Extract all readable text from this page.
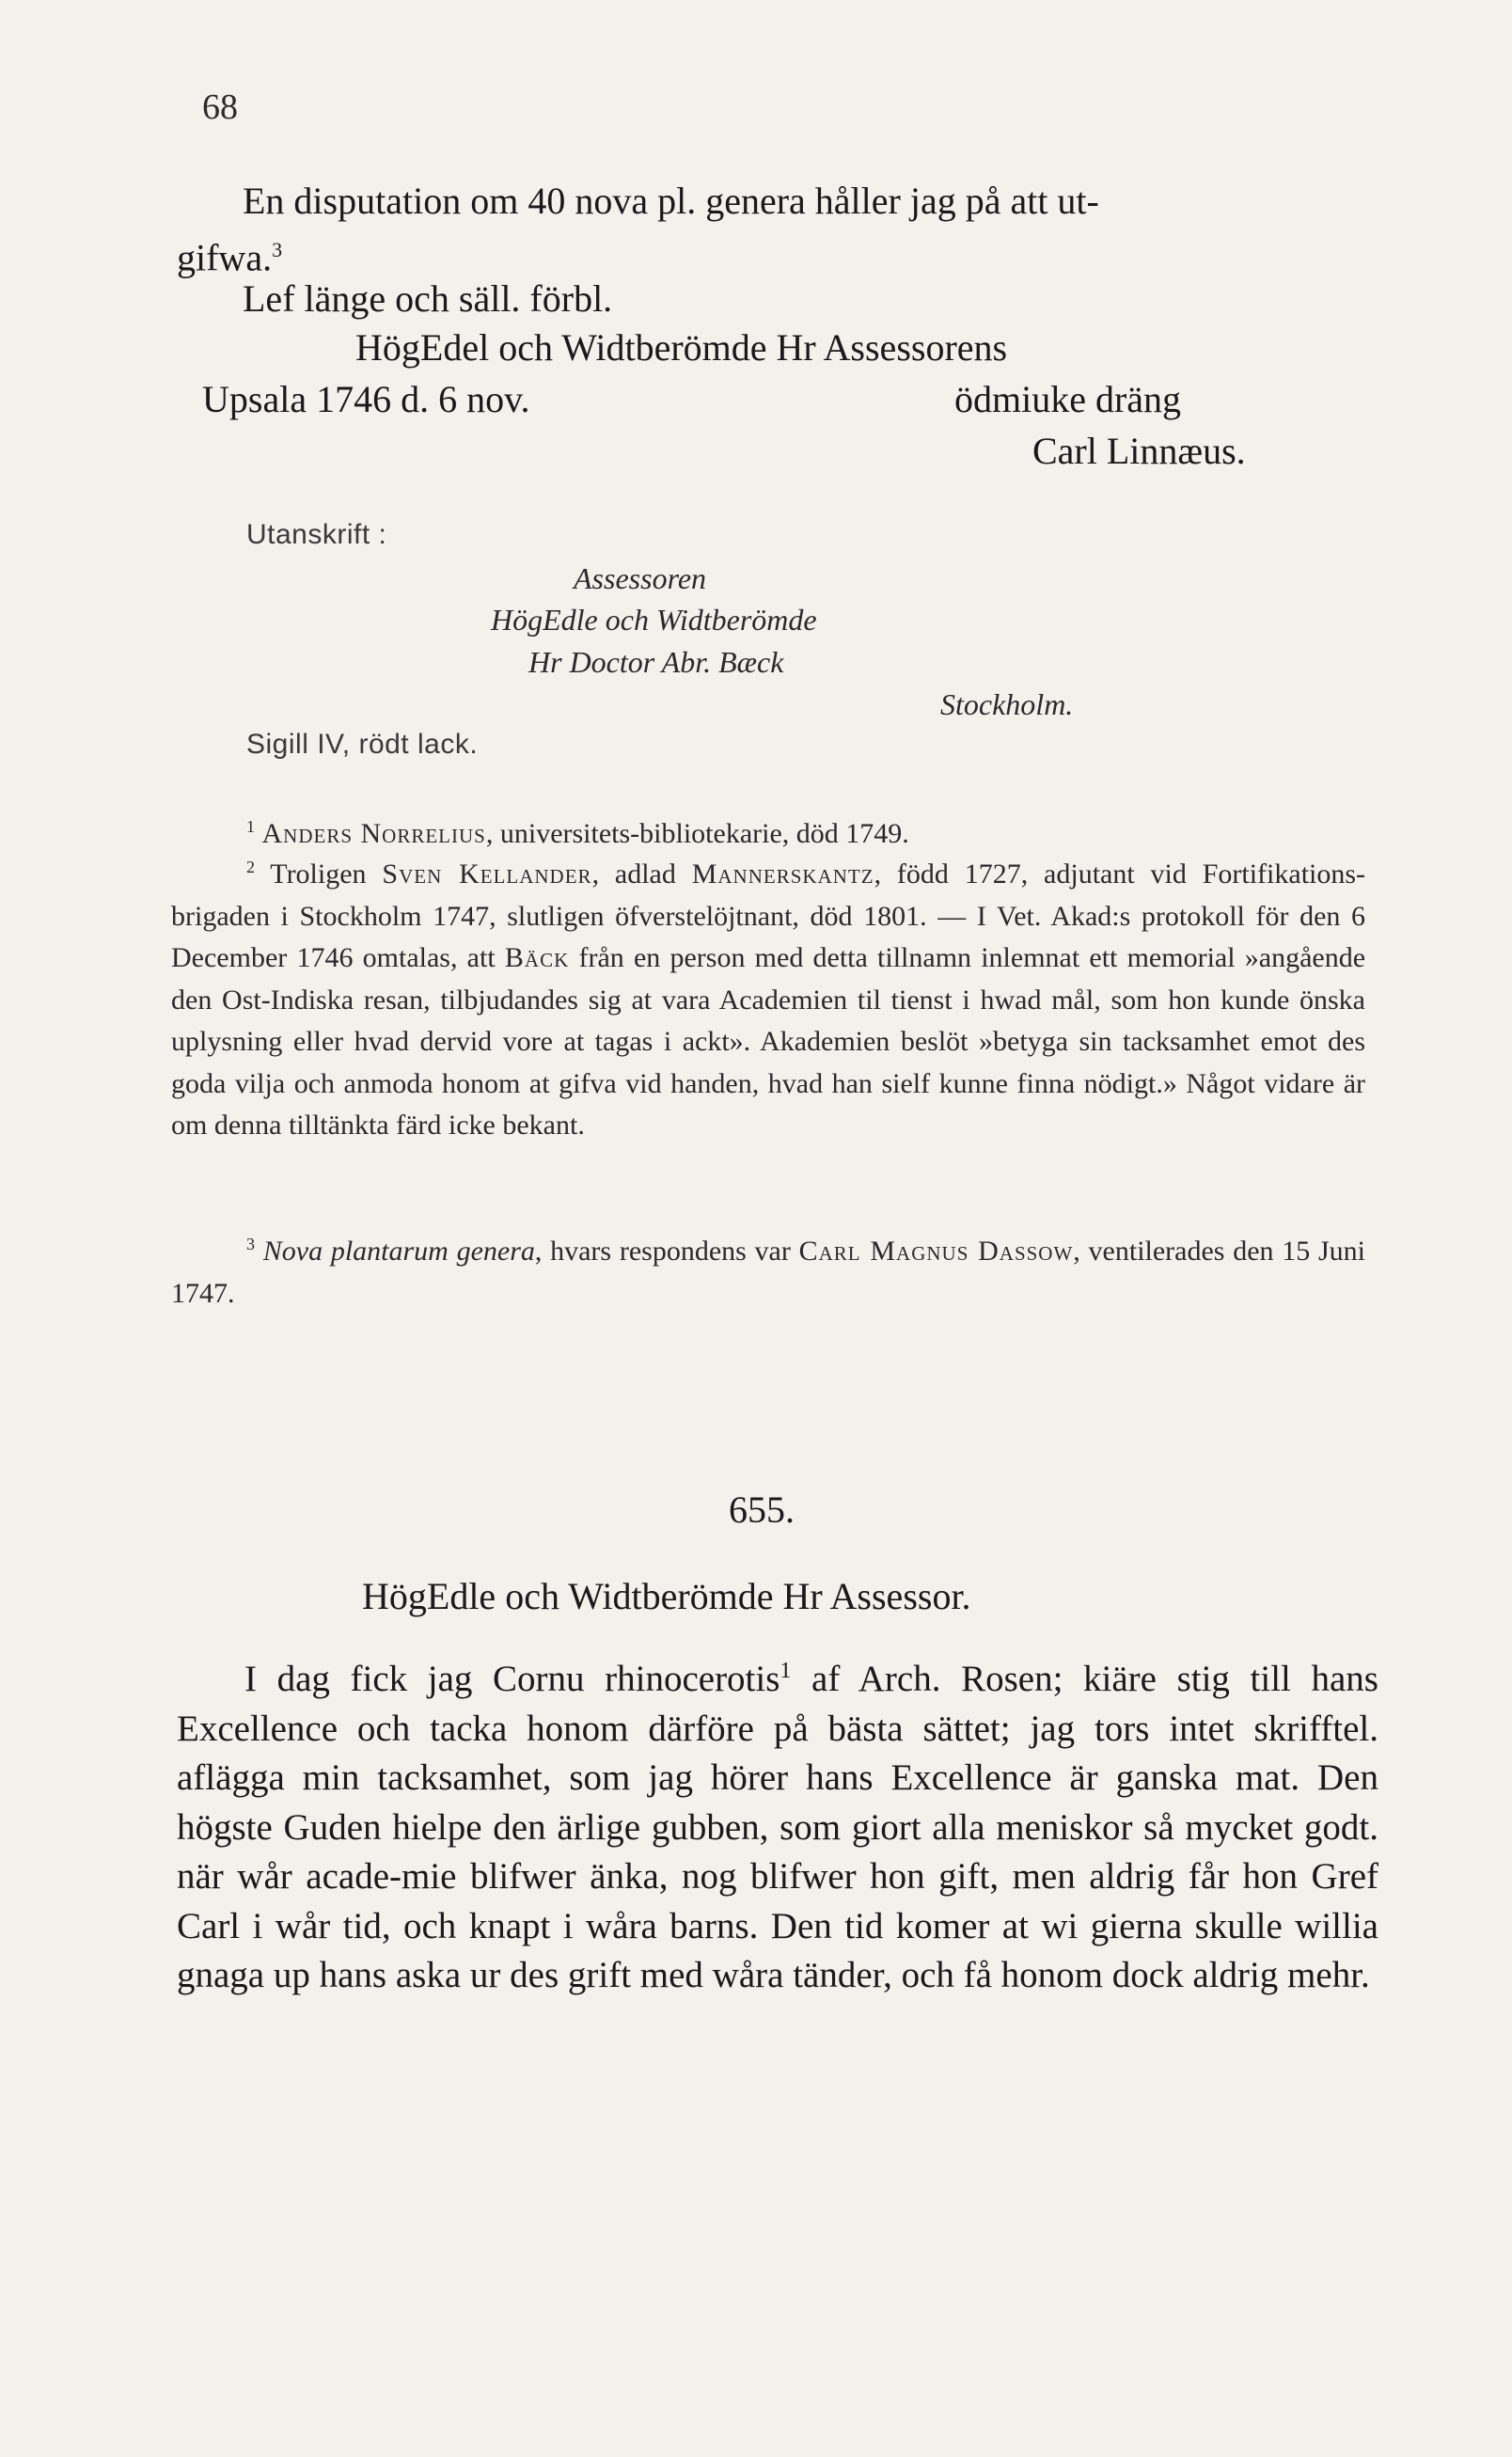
68
En disputation om 40 nova pl. genera håller jag på att ut-
gifwa.$^3$
Lef länge och säll. förbl.
HögEdel och Widtberömde Hr Assessorens
Upsala 1746 d. 6 nov.	ödmiuke dräng
Carl Linnæus.
Utanskrift :
Assessoren
HögEdle och Widtberömde
Hr Doctor Abr. Bæck
Stockholm.
Sigill IV, rödt lack.
$^1$ Anders Norrelius, universitets-bibliotekarie, död 1749.

$^2$ Troligen Sven Kellander, adlad Mannerskantz, född 1727, adjutant vid Fortifikations-brigaden i Stockholm 1747, slutligen öfverstelöjtnant, död 1801. — I Vet. Akad:s protokoll för den 6 December 1746 omtalas, att Bäck från en person med detta tillnamn inlemnat ett memorial »angående den Ost-Indiska resan, tilbjudandes sig at vara Academien til tienst i hwad mål, som hon kunde önska uplysning eller hvad dervid vore at tagas i ackt». Akademien beslöt »betyga sin tacksamhet emot des goda vilja och anmoda honom at gifva vid handen, hvad han sielf kunne finna nödigt.» Något vidare är om denna tilltänkta färd icke bekant.

$^3$ Nova plantarum genera, hvars respondens var Carl Magnus Dassow, ventilerades den 15 Juni 1747.

655.
HögEdle och Widtberömde Hr Assessor.

I dag fick jag Cornu rhinocerotis$^1$ af Arch. Rosen; kiäre stig till hans Excellence och tacka honom därföre på bästa sättet; jag tors intet skrifftel. aflägga min tacksamhet, som jag hörer hans Excellence är ganska mat. Den högste Guden hielpe den ärlige gubben, som giort alla meniskor så mycket godt. när wår acade-mie blifwer änka, nog blifwer hon gift, men aldrig får hon Gref Carl i wår tid, och knapt i wåra barns. Den tid komer at wi gierna skulle willia gnaga up hans aska ur des grift med wåra tänder, och få honom dock aldrig mehr.
